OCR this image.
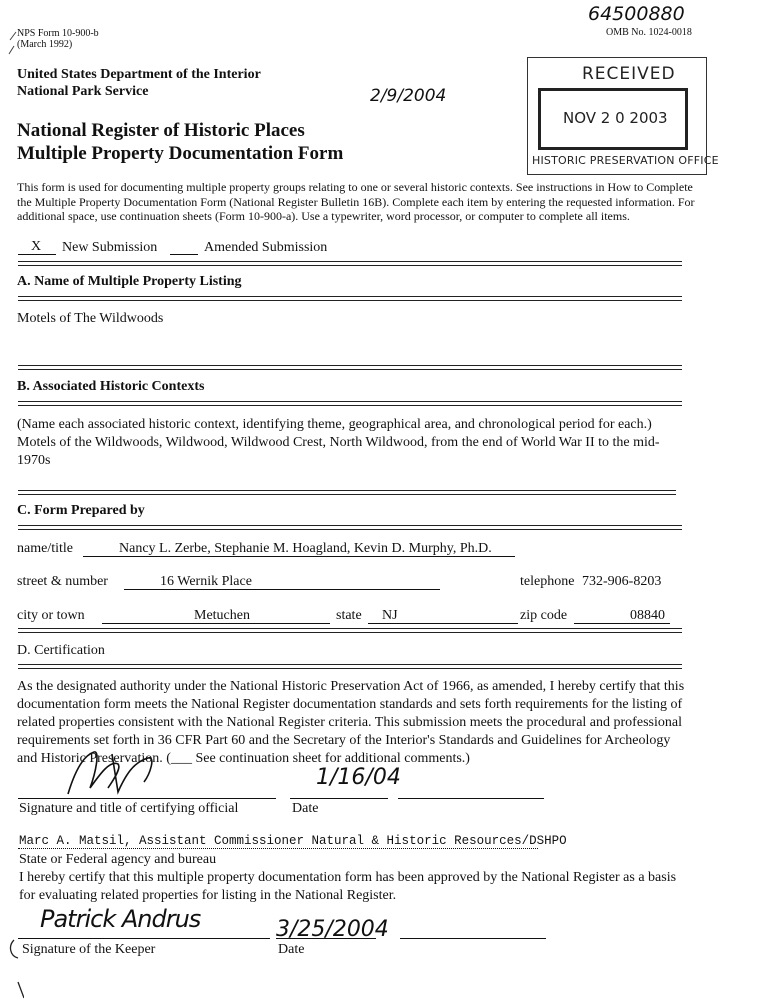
NPS Form 10-900-b
(March 1992)
64500880
OMB No. 1024-0018
United States Department of the Interior
National Park Service	2/9/2004
National Register of Historic Places
Multiple Property Documentation Form
RECEIVED
NOV 2 0 2003
HISTORIC PRESERVATION OFFICE
This form is used for documenting multiple property groups relating to one or several historic contexts. See instructions in How to Complete
the Multiple Property Documentation Form (National Register Bulletin 16B). Complete each item by entering the requested information. For
additional space, use continuation sheets (Form 10-900-a). Use a typewriter, word processor, or computer to complete all items.
X New Submission	Amended Submission
A. Name of Multiple Property Listing
Motels of The Wildwoods
B. Associated Historic Contexts
(Name each associated historic context, identifying theme, geographical area, and chronological period for each.)
Motels of the Wildwoods, Wildwood, Wildwood Crest, North Wildwood, from the end of World War II to the mid-
1970s
C. Form Prepared by
name/title	Nancy L. Zerbe, Stephanie M. Hoagland, Kevin D. Murphy, Ph.D.
street & number	16 Wernik Place	telephone 732-906-8203
city or town	Metuchen	state NJ	zip code	08840
D. Certification
As the designated authority under the National Historic Preservation Act of 1966, as amended, I hereby certify that this
documentation form meets the National Register documentation standards and sets forth requirements for the listing of
related properties consistent with the National Register criteria. This submission meets the procedural and professional
requirements set forth in 36 CFR Part 60 and the Secretary of the Interior's Standards and Guidelines for Archeology
and Historic Preservation. (___ See continuation sheet for additional comments.)
1/16/04
Signature and title of certifying official	Date
Marc A. Matsil, Assistant Commissioner Natural & Historic Resources/DSHPO
State or Federal agency and bureau
I hereby certify that this multiple property documentation form has been approved by the National Register as a basis
for evaluating related properties for listing in the National Register.
Patrick Andrus	3/25/2004
Signature of the Keeper	Date
